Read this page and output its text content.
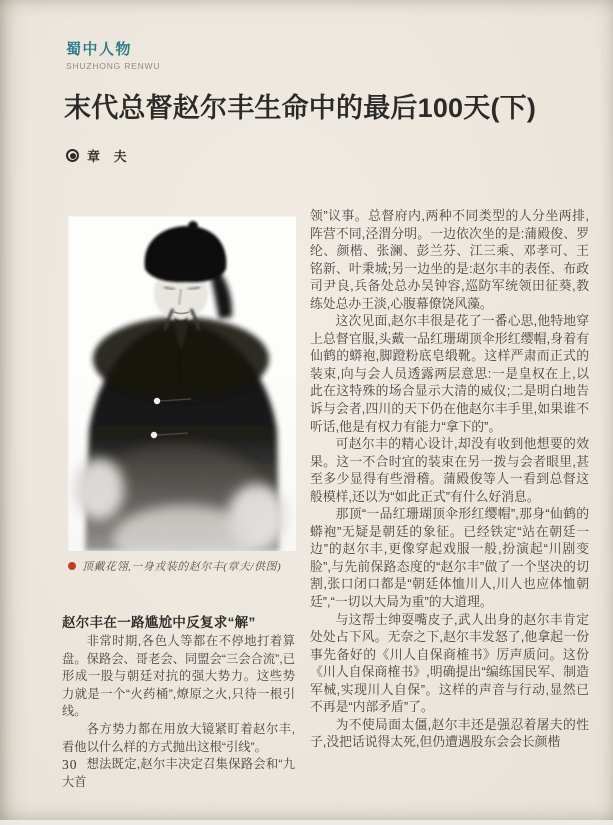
蜀中人物
SHUZHONG RENWU
末代总督赵尔丰生命中的最后100天(下)
章 夫
顶戴花翎,一身戎装的赵尔丰(章夫/供图)
赵尔丰在一路尴尬中反复求“解”

非常时期,各色人等都在不停地打着算盘。保路会、哥老会、同盟会“三会合流”,已形成一股与朝廷对抗的强大势力。这些势力就是一个“火药桶”,燎原之火,只待一根引线。

各方势力都在用放大镜紧盯着赵尔丰,看他以什么样的方式抛出这根“引线”。

想法既定,赵尔丰决定召集保路会和“九大首

领”议事。总督府内,两种不同类型的人分坐两排,阵营不同,泾渭分明。一边依次坐的是:蒲殿俊、罗纶、颜楷、张澜、彭兰芬、江三乘、邓孝可、王铭新、叶秉城;另一边坐的是:赵尔丰的表侄、布政司尹良,兵备处总办吴钟容,巡防军统领田征葵,教练处总办王淡,心腹幕僚饶风藻。

这次见面,赵尔丰很是花了一番心思,他特地穿上总督官服,头戴一品红珊瑚顶伞形红缨帽,身着有仙鹤的蟒袍,脚蹬粉底皂缎靴。这样严肃而正式的装束,向与会人员透露两层意思:一是皇权在上,以此在这特殊的场合显示大清的威仪;二是明白地告诉与会者,四川的天下仍在他赵尔丰手里,如果谁不听话,他是有权力有能力“拿下的”。

可赵尔丰的精心设计,却没有收到他想要的效果。这一不合时宜的装束在另一拨与会者眼里,甚至多少显得有些滑稽。蒲殿俊等人一看到总督这般模样,还以为“如此正式”有什么好消息。

那顶“一品红珊瑚顶伞形红缨帽”,那身“仙鹤的蟒袍”无疑是朝廷的象征。已经铁定“站在朝廷一边”的赵尔丰,更像穿起戏服一般,扮演起“川剧变脸”,与先前保路态度的“赵尔丰”做了一个坚决的切割,张口闭口都是“朝廷体恤川人,川人也应体恤朝廷”,“一切以大局为重”的大道理。

与这帮士绅耍嘴皮子,武人出身的赵尔丰肯定处处占下风。无奈之下,赵尔丰发怒了,他拿起一份事先备好的《川人自保商榷书》厉声质问。这份《川人自保商榷书》,明确提出“编练国民军、制造军械,实现川人自保”。这样的声音与行动,显然已不再是“内部矛盾”了。

为不使局面太僵,赵尔丰还是强忍着屠夫的性子,没把话说得太死,但仍遭遇股东会会长颜楷

30
